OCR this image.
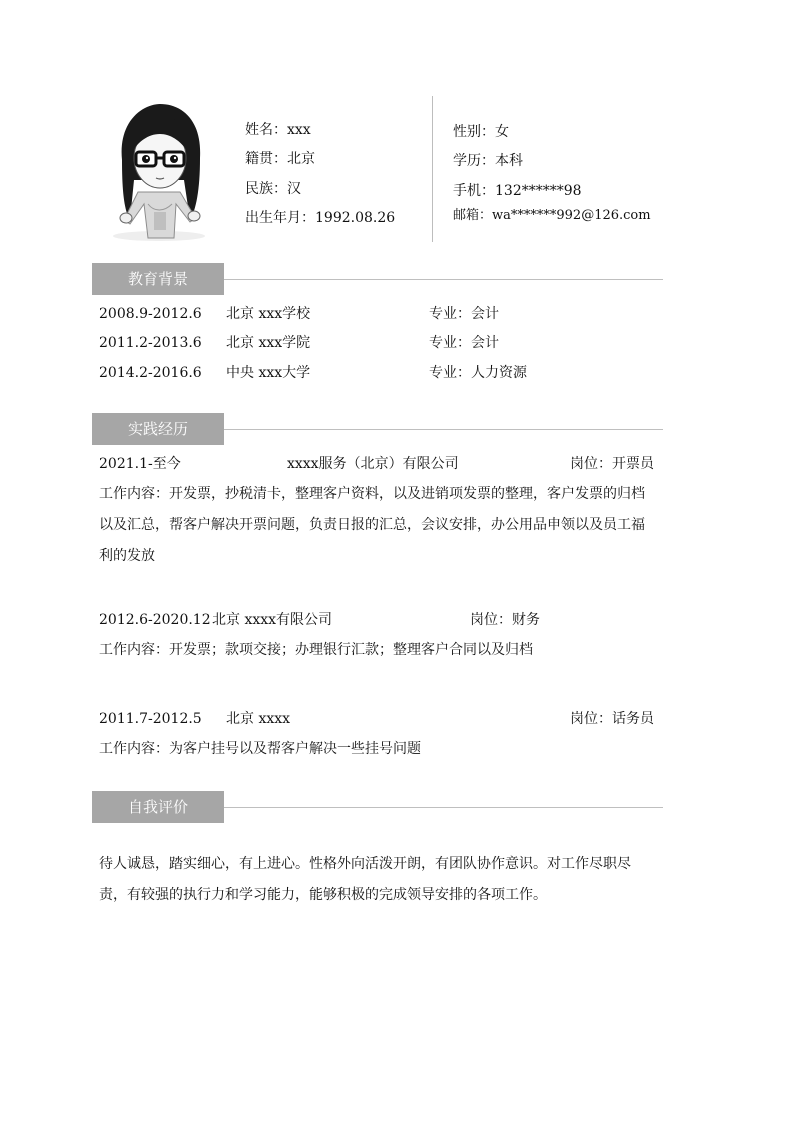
姓名：xxx
籍贯：北京
民族：汉
出生年月：1992.08.26
性别：女
学历：本科
手机：132******98
邮箱：wa*******992@126.com
教育背景
2008.9-2012.6 北京 xxx学校	专业：会计
2011.2-2013.6 北京 xxx学院	专业：会计
2014.2-2016.6 中央 xxx大学	专业：人力资源
实践经历
2021.1-至今	xxxx服务（北京）有限公司	岗位：开票员
工作内容：开发票，抄税清卡，整理客户资料，以及进销项发票的整理，客户发票的归档
以及汇总，帮客户解决开票问题，负责日报的汇总，会议安排，办公用品申领以及员工福
利的发放
2012.6-2020.12 北京 xxxx有限公司	岗位：财务
工作内容：开发票；款项交接；办理银行汇款；整理客户合同以及归档
2011.7-2012.5 北京 xxxx	岗位：话务员
工作内容：为客户挂号以及帮客户解决一些挂号问题
自我评价
待人诚恳，踏实细心，有上进心。性格外向活泼开朗，有团队协作意识。对工作尽职尽
责，有较强的执行力和学习能力，能够积极的完成领导安排的各项工作。
